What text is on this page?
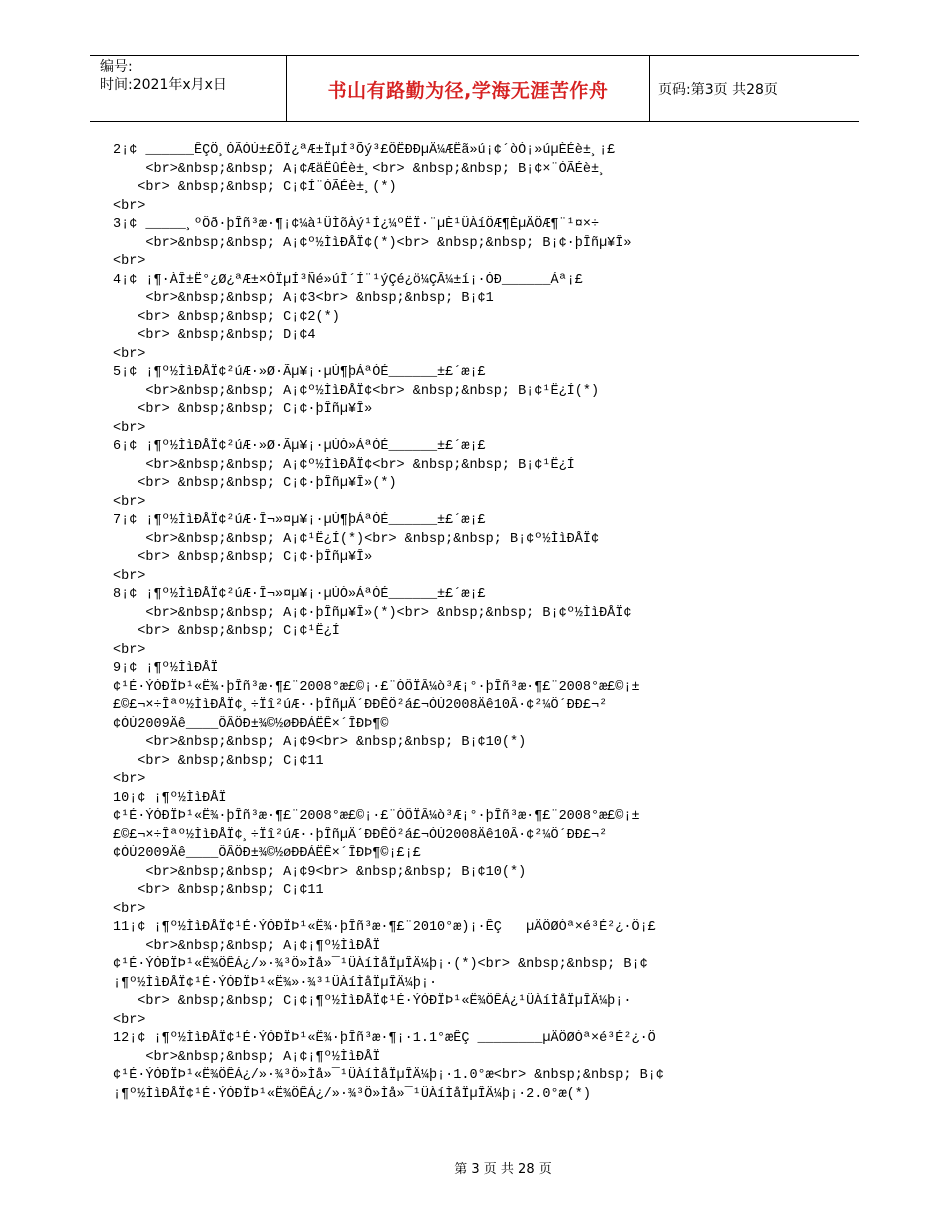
编号:
时间:2021年x月x日	书山有路勤为径,学海无涯苦作舟	页码:第3页 共28页
2¡¢ ______ÊÇÖ¸ÓÃÓÚ±£ÕÏ¿ªÆ±ÏµÍ³Õý³£ÔËÐÐµÄ¼ÆËã»ú¡¢´òÓ¡»úµÈÉè±¸¡£
<br>&nbsp;&nbsp; A¡¢ÆäËûÉè±¸<br> &nbsp;&nbsp; B¡¢×¨ÓÃÉè±¸
<br> &nbsp;&nbsp; C¡¢Í¨ÓÃÉè±¸(*)
<br>
3¡¢ _____¸ºÔð·þÎñ³æ·¶¡¢¼à¹ÜÌõÀý¹Í¿¼ºËÏ·¨µÈ¹ÜÀíÖÆ¶ÈµÄÖÆ¶¨¹¤×÷
<br>&nbsp;&nbsp; A¡¢º½ÌìÐÅÏ¢(*)<br> &nbsp;&nbsp; B¡¢·þÎñµ¥Î»
<br>
4¡¢ ¡¶·ÀÎ±Ë°¿Ø¿ªÆ±×ÓÏµÍ³Ñé»úÎ´Í¨¹ýÇé¿ö¼ÇÂ¼±í¡·ÓÐ______Áª¡£
<br>&nbsp;&nbsp; A¡¢3<br> &nbsp;&nbsp; B¡¢1
<br> &nbsp;&nbsp; C¡¢2(*)
<br> &nbsp;&nbsp; D¡¢4
<br>
5¡¢ ¡¶º½ÌìÐÅÏ¢²úÆ·»Ø·Ãµ¥¡·µÚ¶þÁªÓÉ______±£´æ¡£
<br>&nbsp;&nbsp; A¡¢º½ÌìÐÅÏ¢<br> &nbsp;&nbsp; B¡¢¹Ë¿Í(*)
<br> &nbsp;&nbsp; C¡¢·þÎñµ¥Î»
<br>
6¡¢ ¡¶º½ÌìÐÅÏ¢²úÆ·»Ø·Ãµ¥¡·µÚÒ»ÁªÓÉ______±£´æ¡£
<br>&nbsp;&nbsp; A¡¢º½ÌìÐÅÏ¢<br> &nbsp;&nbsp; B¡¢¹Ë¿Í
<br> &nbsp;&nbsp; C¡¢·þÎñµ¥Î»(*)
<br>
7¡¢ ¡¶º½ÌìÐÅÏ¢²úÆ·Î¬»¤µ¥¡·µÚ¶þÁªÓÉ______±£´æ¡£
<br>&nbsp;&nbsp; A¡¢¹Ë¿Í(*)<br> &nbsp;&nbsp; B¡¢º½ÌìÐÅÏ¢
<br> &nbsp;&nbsp; C¡¢·þÎñµ¥Î»
<br>
8¡¢ ¡¶º½ÌìÐÅÏ¢²úÆ·Î¬»¤µ¥¡·µÚÒ»ÁªÓÉ______±£´æ¡£
<br>&nbsp;&nbsp; A¡¢·þÎñµ¥Î»(*)<br> &nbsp;&nbsp; B¡¢º½ÌìÐÅÏ¢
<br> &nbsp;&nbsp; C¡¢¹Ë¿Í
<br>
9¡¢ ¡¶º½ÌìÐÅÏ
¢¹É·ÝÓÐÏÞ¹«Ë¾·þÎñ³æ·¶£¨2008°æ£©¡·£¨ÒÔÏÂ¼ò³Æ¡°·þÎñ³æ·¶£¨2008°æ£©¡±
£©£¬×÷Îªº½ÌìÐÅÏ¢¸÷Ïî²úÆ··þÎñµÄ´ÐÐÊÖ²á£¬ÓÚ2008Äê10Â·¢²¼Ö´ÐÐ£¬²
¢ÓÚ2009Äê____ÔÂÖÐ±¾©½øÐÐÁËÊ×´ÎÐÞ¶©
<br>&nbsp;&nbsp; A¡¢9<br> &nbsp;&nbsp; B¡¢10(*)
<br> &nbsp;&nbsp; C¡¢11
<br>
10¡¢ ¡¶º½ÌìÐÅÏ
¢¹É·ÝÓÐÏÞ¹«Ë¾·þÎñ³æ·¶£¨2008°æ£©¡·£¨ÒÔÏÂ¼ò³Æ¡°·þÎñ³æ·¶£¨2008°æ£©¡±
£©£¬×÷Îªº½ÌìÐÅÏ¢¸÷Ïî²úÆ··þÎñµÄ´ÐÐÊÖ²á£¬ÓÚ2008Äê10Â·¢²¼Ö´ÐÐ£¬²
¢ÓÚ2009Äê____ÔÂÖÐ±¾©½øÐÐÁËÊ×´ÎÐÞ¶©¡£¡£
<br>&nbsp;&nbsp; A¡¢9<br> &nbsp;&nbsp; B¡¢10(*)
<br> &nbsp;&nbsp; C¡¢11
<br>
11¡¢ ¡¶º½ÌìÐÅÏ¢¹É·ÝÓÐÏÞ¹«Ë¾·þÎñ³æ·¶£¨2010°æ)¡·ÊÇ   µÄÖØÒª×é³É²¿·Ö¡£
<br>&nbsp;&nbsp; A¡¢¡¶º½ÌìÐÅÏ
¢¹É·ÝÓÐÏÞ¹«Ë¾ÖÊÁ¿/»·¾³Ö»Ìå»¯¹ÜÀíÌåÏµÎÄ¼þ¡·(*)<br> &nbsp;&nbsp; B¡¢
¡¶º½ÌìÐÅÏ¢¹É·ÝÓÐÏÞ¹«Ë¾»·¾³¹ÜÀíÌåÏµÎÄ¼þ¡·
<br> &nbsp;&nbsp; C¡¢¡¶º½ÌìÐÅÏ¢¹É·ÝÓÐÏÞ¹«Ë¾ÖÊÁ¿¹ÜÀíÌåÏµÎÄ¼þ¡·
<br>
12¡¢ ¡¶º½ÌìÐÅÏ¢¹É·ÝÓÐÏÞ¹«Ë¾·þÎñ³æ·¶¡·1.1°æÊÇ ________µÄÖØÒª×é³É²¿·Ö
<br>&nbsp;&nbsp; A¡¢¡¶º½ÌìÐÅÏ
¢¹É·ÝÓÐÏÞ¹«Ë¾ÖÊÁ¿/»·¾³Ö»Ìå»¯¹ÜÀíÌåÏµÎÄ¼þ¡·1.0°æ<br> &nbsp;&nbsp; B¡¢
¡¶º½ÌìÐÅÏ¢¹É·ÝÓÐÏÞ¹«Ë¾ÖÊÁ¿/»·¾³Ö»Ìå»¯¹ÜÀíÌåÏµÎÄ¼þ¡·2.0°æ(*)
第 3 页 共 28 页
